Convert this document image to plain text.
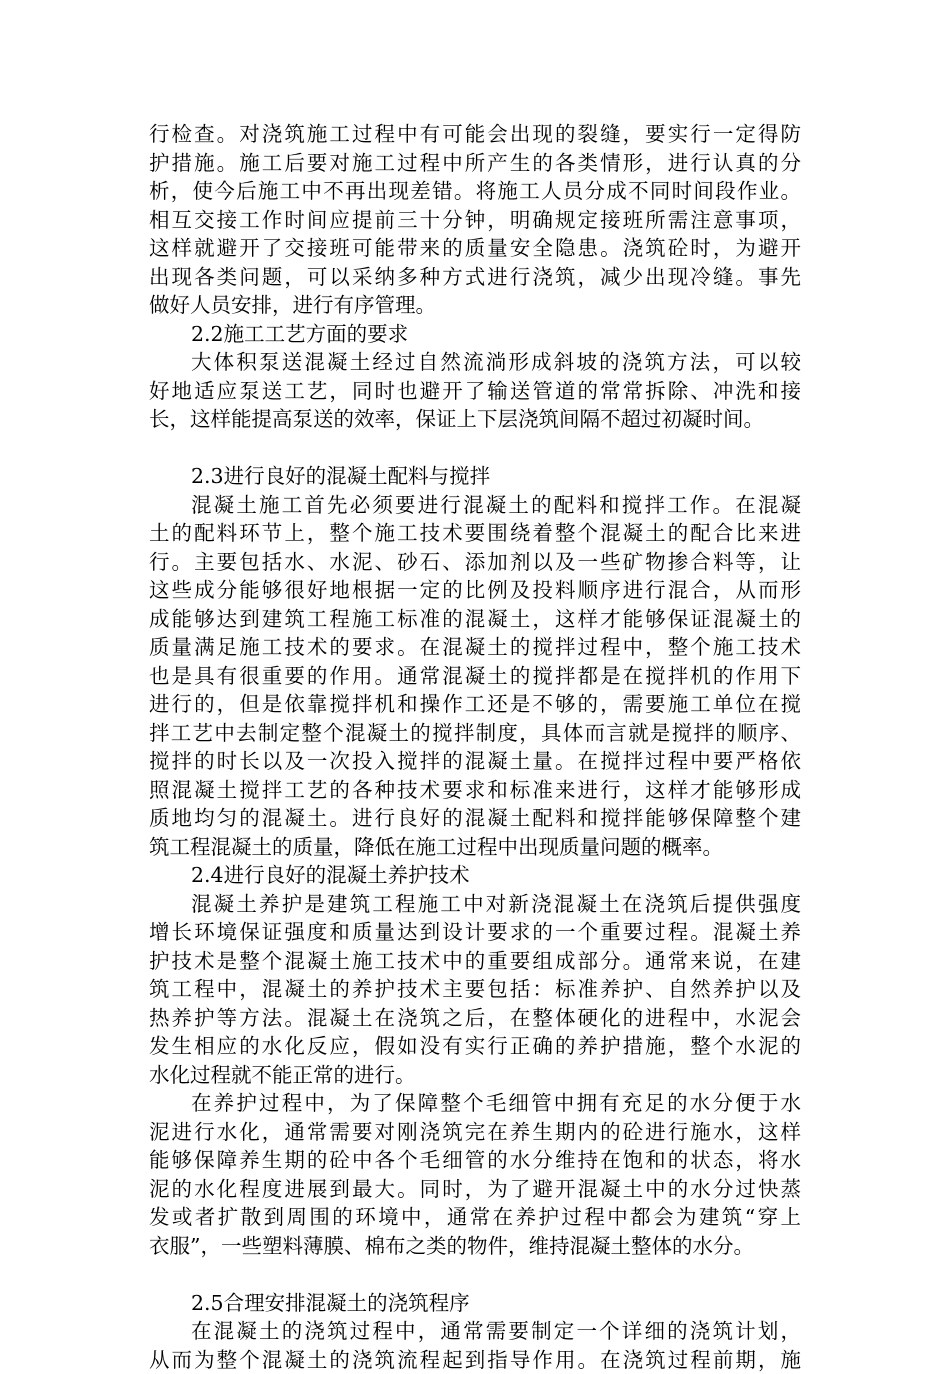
行检查。对浇筑施工过程中有可能会出现的裂缝，要实行一定得防
护措施。施工后要对施工过程中所产生的各类情形，进行认真的分
析，使今后施工中不再出现差错。将施工人员分成不同时间段作业。
相互交接工作时间应提前三十分钟，明确规定接班所需注意事项，
这样就避开了交接班可能带来的质量安全隐患。浇筑砼时，为避开
出现各类问题，可以采纳多种方式进行浇筑，减少出现冷缝。事先
做好人员安排，进行有序管理。
2.2施工工艺方面的要求
大体积泵送混凝土经过自然流淌形成斜坡的浇筑方法，可以较
好地适应泵送工艺，同时也避开了输送管道的常常拆除、冲洗和接
长，这样能提高泵送的效率，保证上下层浇筑间隔不超过初凝时间。
2.3进行良好的混凝土配料与搅拌
混凝土施工首先必须要进行混凝土的配料和搅拌工作。在混凝
土的配料环节上，整个施工技术要围绕着整个混凝土的配合比来进
行。主要包括水、水泥、砂石、添加剂以及一些矿物掺合料等，让
这些成分能够很好地根据一定的比例及投料顺序进行混合，从而形
成能够达到建筑工程施工标准的混凝土，这样才能够保证混凝土的
质量满足施工技术的要求。在混凝土的搅拌过程中，整个施工技术
也是具有很重要的作用。通常混凝土的搅拌都是在搅拌机的作用下
进行的，但是依靠搅拌机和操作工还是不够的，需要施工单位在搅
拌工艺中去制定整个混凝土的搅拌制度，具体而言就是搅拌的顺序、
搅拌的时长以及一次投入搅拌的混凝土量。在搅拌过程中要严格依
照混凝土搅拌工艺的各种技术要求和标准来进行，这样才能够形成
质地均匀的混凝土。进行良好的混凝土配料和搅拌能够保障整个建
筑工程混凝土的质量，降低在施工过程中出现质量问题的概率。
2.4进行良好的混凝土养护技术
混凝土养护是建筑工程施工中对新浇混凝土在浇筑后提供强度
增长环境保证强度和质量达到设计要求的一个重要过程。混凝土养
护技术是整个混凝土施工技术中的重要组成部分。通常来说，在建
筑工程中，混凝土的养护技术主要包括：标准养护、自然养护以及
热养护等方法。混凝土在浇筑之后，在整体硬化的进程中，水泥会
发生相应的水化反应，假如没有实行正确的养护措施，整个水泥的
水化过程就不能正常的进行。
在养护过程中，为了保障整个毛细管中拥有充足的水分便于水
泥进行水化，通常需要对刚浇筑完在养生期内的砼进行施水，这样
能够保障养生期的砼中各个毛细管的水分维持在饱和的状态，将水
泥的水化程度进展到最大。同时，为了避开混凝土中的水分过快蒸
发或者扩散到周围的环境中，通常在养护过程中都会为建筑“穿上
衣服”，一些塑料薄膜、棉布之类的物件，维持混凝土整体的水分。
2.5合理安排混凝土的浇筑程序
在混凝土的浇筑过程中，通常需要制定一个详细的浇筑计划，
从而为整个混凝土的浇筑流程起到指导作用。在浇筑过程前期，施
